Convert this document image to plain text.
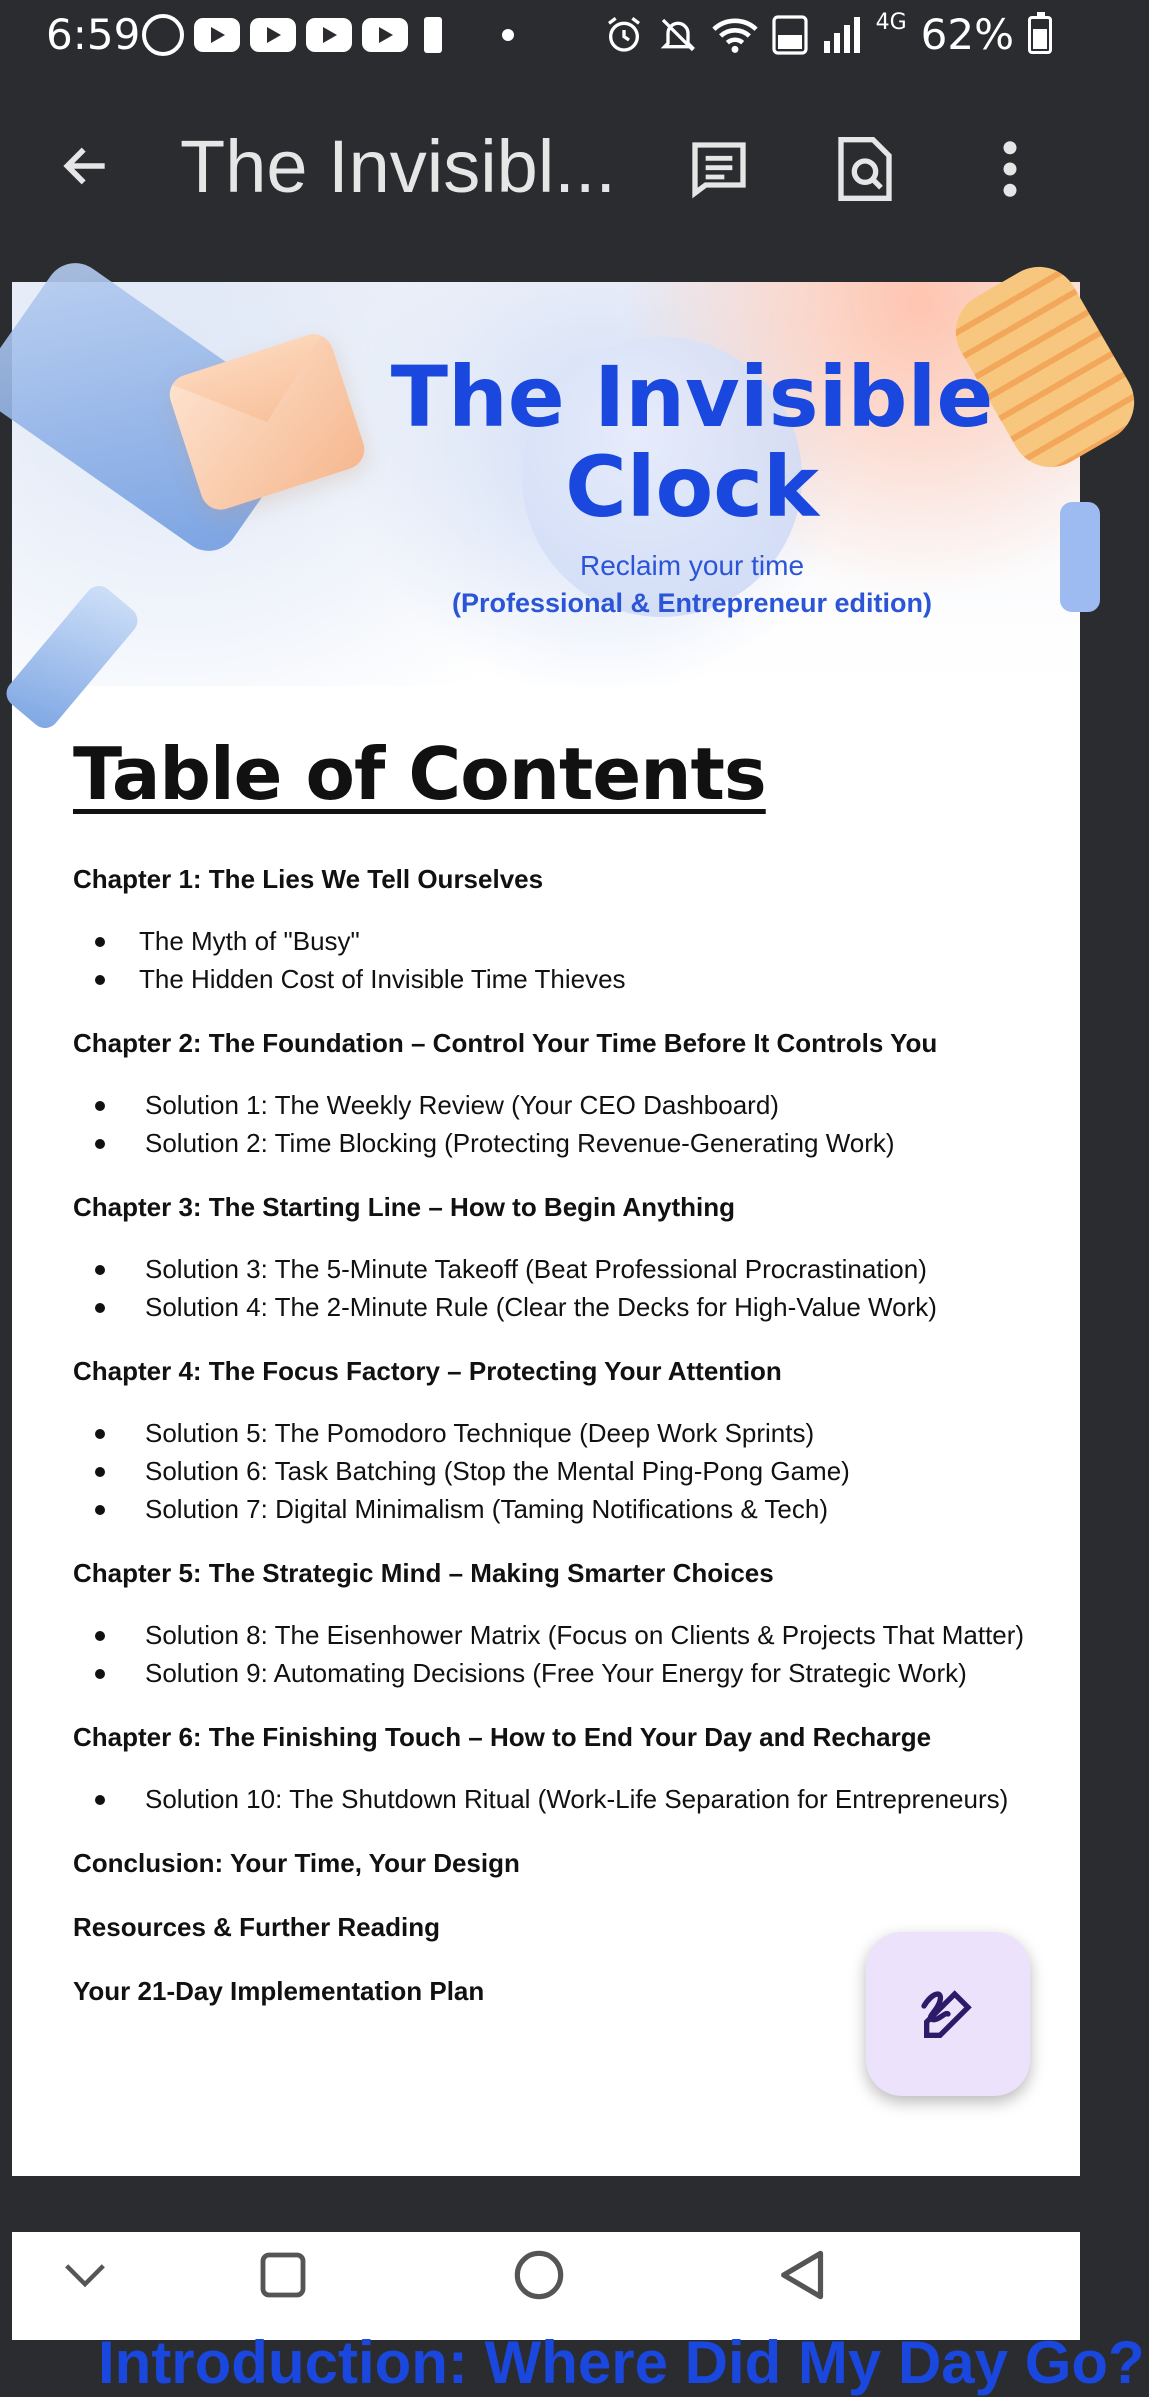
6:59	4G 62%
The Invisibl...
The Invisible
Clock
Reclaim your time
(Professional & Entrepreneur edition)
Table of Contents

Chapter 1: The Lies We Tell Ourselves

The Myth of "Busy"
The Hidden Cost of Invisible Time Thieves

Chapter 2: The Foundation – Control Your Time Before It Controls You

Solution 1: The Weekly Review (Your CEO Dashboard)
Solution 2: Time Blocking (Protecting Revenue-Generating Work)

Chapter 3: The Starting Line – How to Begin Anything

Solution 3: The 5-Minute Takeoff (Beat Professional Procrastination)
Solution 4: The 2-Minute Rule (Clear the Decks for High-Value Work)

Chapter 4: The Focus Factory – Protecting Your Attention

Solution 5: The Pomodoro Technique (Deep Work Sprints)
Solution 6: Task Batching (Stop the Mental Ping-Pong Game)
Solution 7: Digital Minimalism (Taming Notifications & Tech)

Chapter 5: The Strategic Mind – Making Smarter Choices

Solution 8: The Eisenhower Matrix (Focus on Clients & Projects That Matter)
Solution 9: Automating Decisions (Free Your Energy for Strategic Work)

Chapter 6: The Finishing Touch – How to End Your Day and Recharge

Solution 10: The Shutdown Ritual (Work-Life Separation for Entrepreneurs)

Conclusion: Your Time, Your Design

Resources & Further Reading

Your 21-Day Implementation Plan

Introduction: Where Did My Day Go?
